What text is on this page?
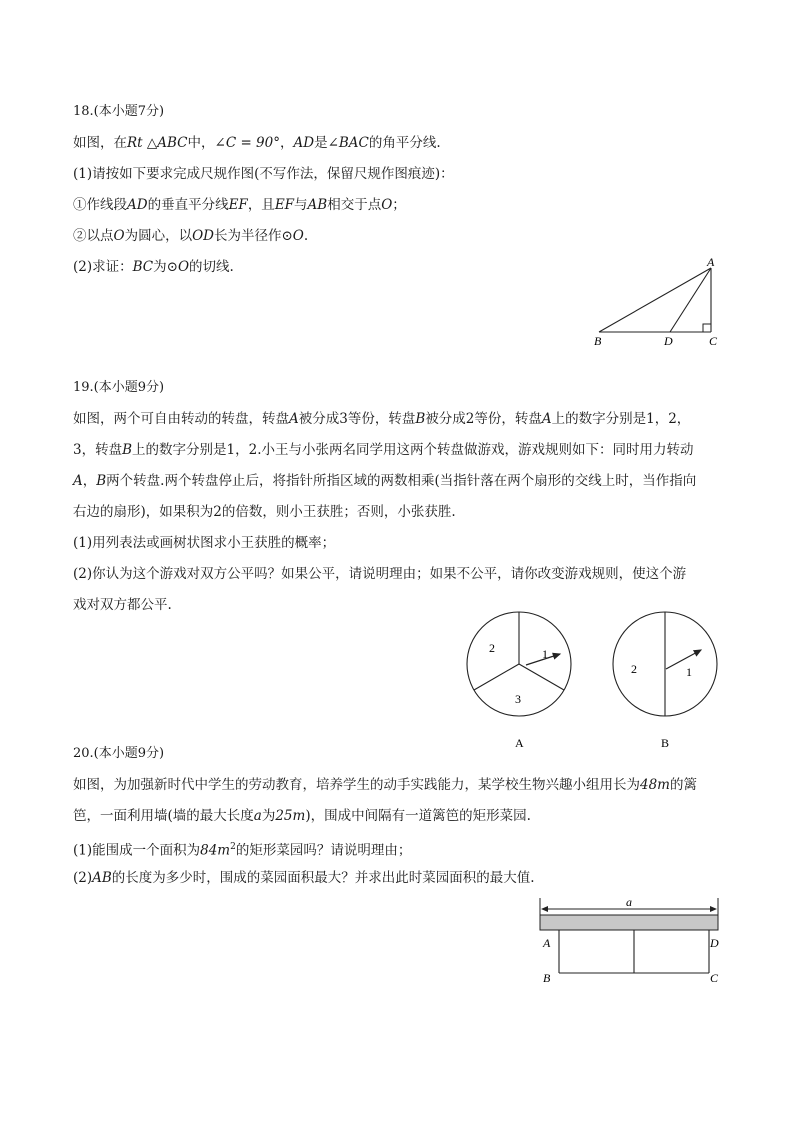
18.(本小题7分)
如图，在Rt △ABC中，∠C = 90°，AD是∠BAC的角平分线.
(1)请按如下要求完成尺规作图(不写作法，保留尺规作图痕迹)：
①作线段AD的垂直平分线EF，且EF与AB相交于点O；
②以点O为圆心，以OD长为半径作⊙O.
(2)求证：BC为⊙O的切线.	A
B	D	C
19.(本小题9分)
如图，两个可自由转动的转盘，转盘A被分成3等份，转盘B被分成2等份，转盘A上的数字分别是1，2，
3，转盘B上的数字分别是1，2.小王与小张两名同学用这两个转盘做游戏，游戏规则如下：同时用力转动
A，B两个转盘.两个转盘停止后，将指针所指区域的两数相乘(当指针落在两个扇形的交线上时，当作指向
右边的扇形)，如果积为2的倍数，则小王获胜；否则，小张获胜.
(1)用列表法或画树状图求小王获胜的概率；
(2)你认为这个游戏对双方公平吗？如果公平，请说明理由；如果不公平，请你改变游戏规则，使这个游
戏对双方都公平.
2	1
3
A
2	1
B
20.(本小题9分)
如图，为加强新时代中学生的劳动教育，培养学生的动手实践能力，某学校生物兴趣小组用长为48m的篱
笆，一面利用墙(墙的最大长度a为25m)，围成中间隔有一道篱笆的矩形菜园.
(1)能围成一个面积为$84m^2$的矩形菜园吗？请说明理由；
(2)AB的长度为多少时，围成的菜园面积最大？并求出此时菜园面积的最大值.
a
A
B
D
C
